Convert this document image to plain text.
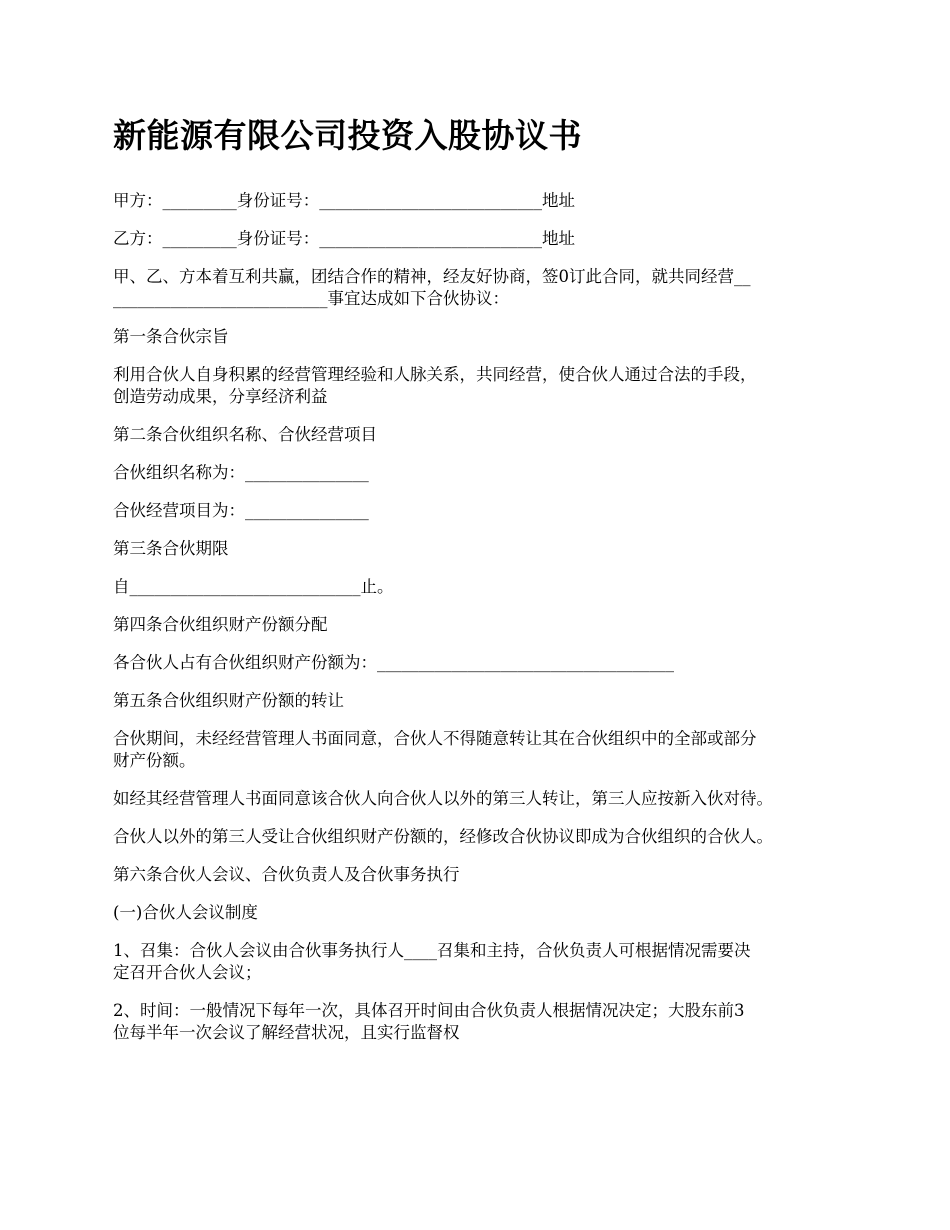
新能源有限公司投资入股协议书

甲方：_________身份证号：___________________________地址

乙方：_________身份证号：___________________________地址

甲、乙、方本着互利共赢，团结合作的精神，经友好协商，签0订此合同，就共同经营__
__________________________事宜达成如下合伙协议：

第一条合伙宗旨

利用合伙人自身积累的经营管理经验和人脉关系，共同经营，使合伙人通过合法的手段，
创造劳动成果，分享经济利益

第二条合伙组织名称、合伙经营项目

合伙组织名称为：_______________

合伙经营项目为：_______________

第三条合伙期限

自____________________________止。

第四条合伙组织财产份额分配

各合伙人占有合伙组织财产份额为：____________________________________

第五条合伙组织财产份额的转让

合伙期间，未经经营管理人书面同意，合伙人不得随意转让其在合伙组织中的全部或部分
财产份额。

如经其经营管理人书面同意该合伙人向合伙人以外的第三人转让，第三人应按新入伙对待。

合伙人以外的第三人受让合伙组织财产份额的，经修改合伙协议即成为合伙组织的合伙人。

第六条合伙人会议、合伙负责人及合伙事务执行

(一)合伙人会议制度

1、召集：合伙人会议由合伙事务执行人____召集和主持，合伙负责人可根据情况需要决
定召开合伙人会议；

2、时间：一般情况下每年一次，具体召开时间由合伙负责人根据情况决定；大股东前3
位每半年一次会议了解经营状况，且实行监督权
